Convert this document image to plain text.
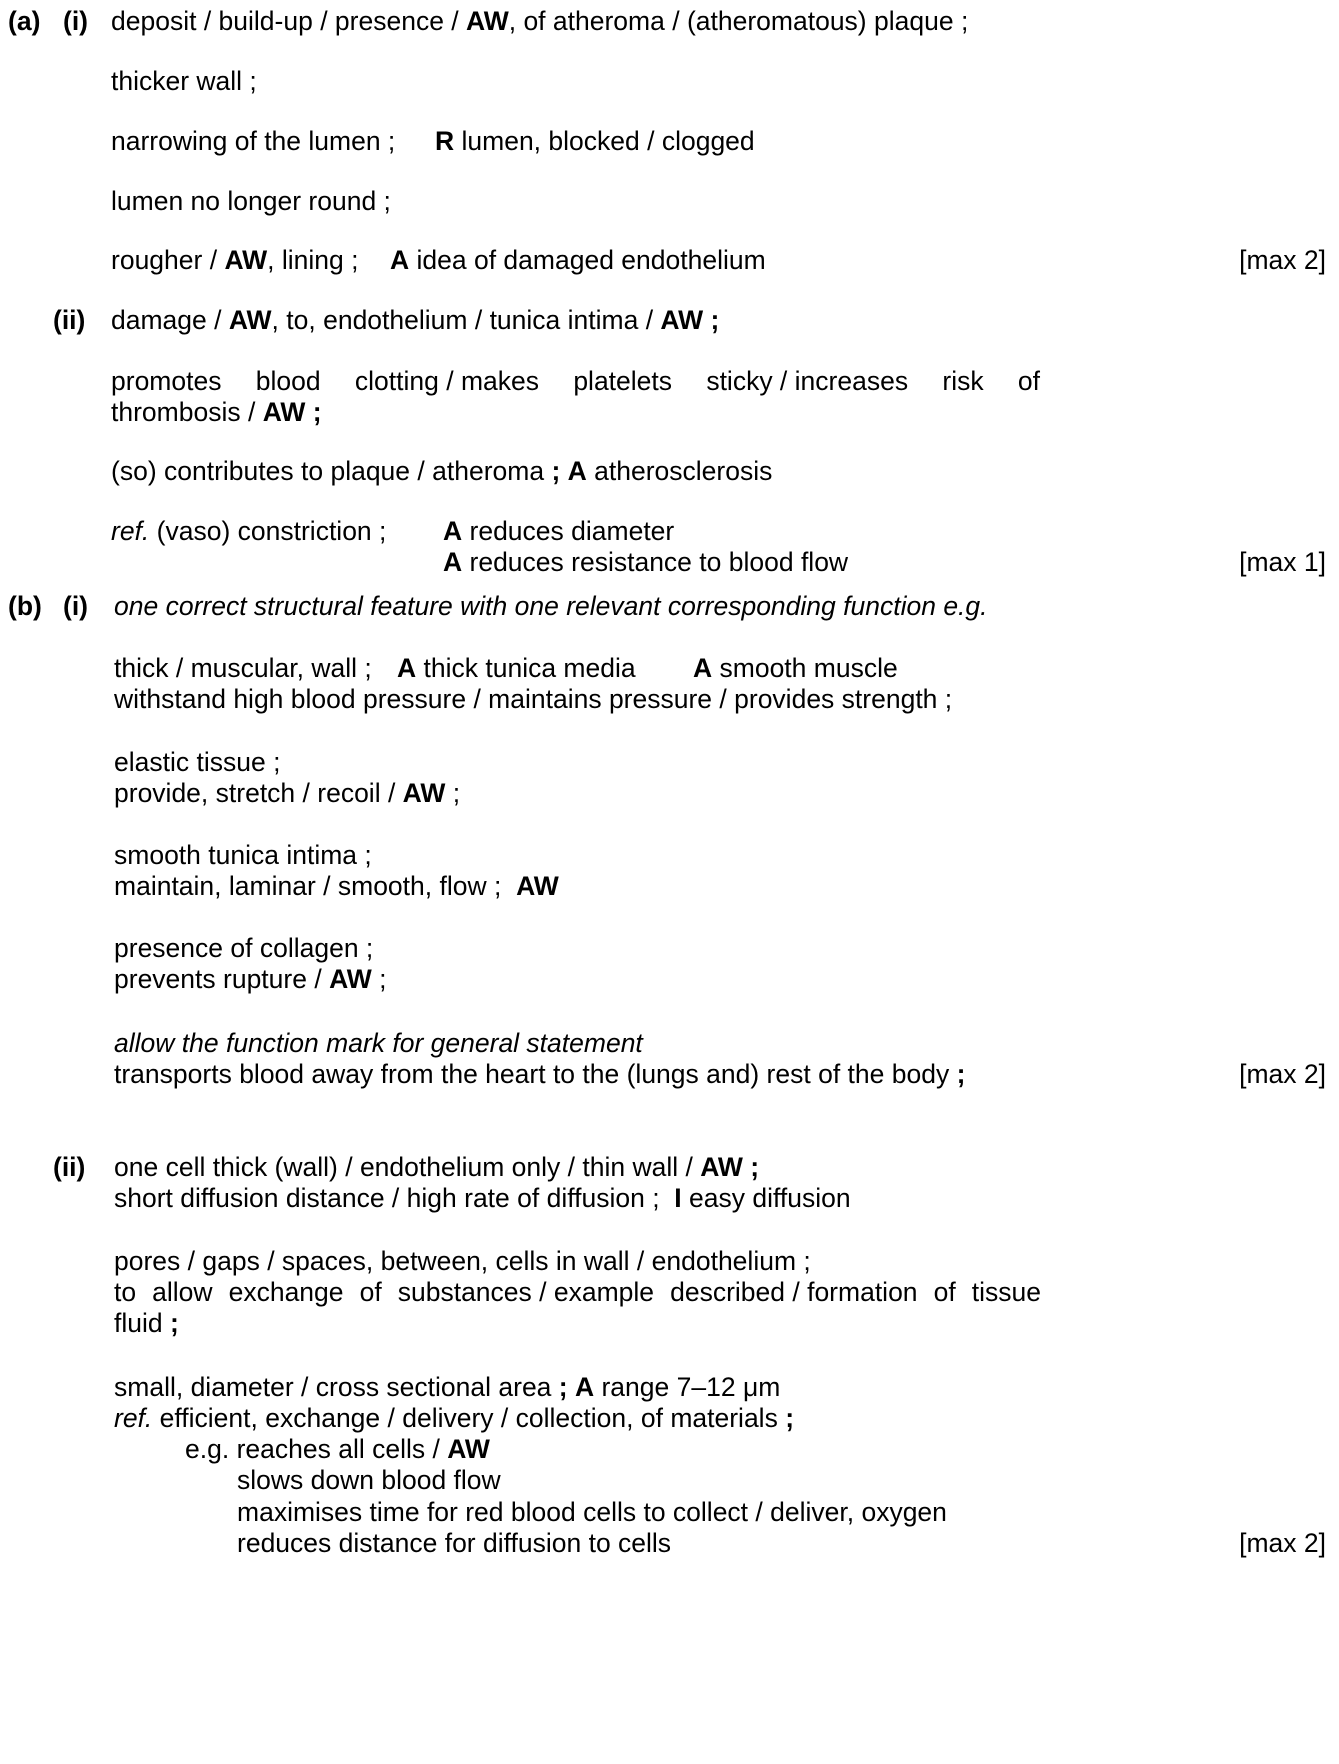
(a) (i) deposit / build-up / presence / AW, of atheroma / (atheromatous) plaque ;
thicker wall ;
narrowing of the lumen ; R lumen, blocked / clogged
lumen no longer round ;
rougher / AW, lining ; A idea of damaged endothelium	[max 2]
(ii) damage / AW, to, endothelium / tunica intima / AW ;
promotes blood clotting / makes platelets sticky / increases risk of
thrombosis / AW ;
(so) contributes to plaque / atheroma ; A atherosclerosis
ref. (vaso) constriction ; A reduces diameter
A reduces resistance to blood flow	[max 1]
(b) (i) one correct structural feature with one relevant corresponding function e.g.
thick / muscular, wall ; A thick tunica media A smooth muscle
withstand high blood pressure / maintains pressure / provides strength ;
elastic tissue ;
provide, stretch / recoil / AW ;
smooth tunica intima ;
maintain, laminar / smooth, flow ; AW
presence of collagen ;
prevents rupture / AW ;
allow the function mark for general statement
transports blood away from the heart to the (lungs and) rest of the body ;	[max 2]
(ii) one cell thick (wall) / endothelium only / thin wall / AW ;
short diffusion distance / high rate of diffusion ; I easy diffusion
pores / gaps / spaces, between, cells in wall / endothelium ;
to allow exchange of substances / example described / formation of tissue
fluid ;
small, diameter / cross sectional area ; A range 7–12 μm
ref. efficient, exchange / delivery / collection, of materials ;
e.g. reaches all cells / AW
slows down blood flow
maximises time for red blood cells to collect / deliver, oxygen
reduces distance for diffusion to cells	[max 2]
